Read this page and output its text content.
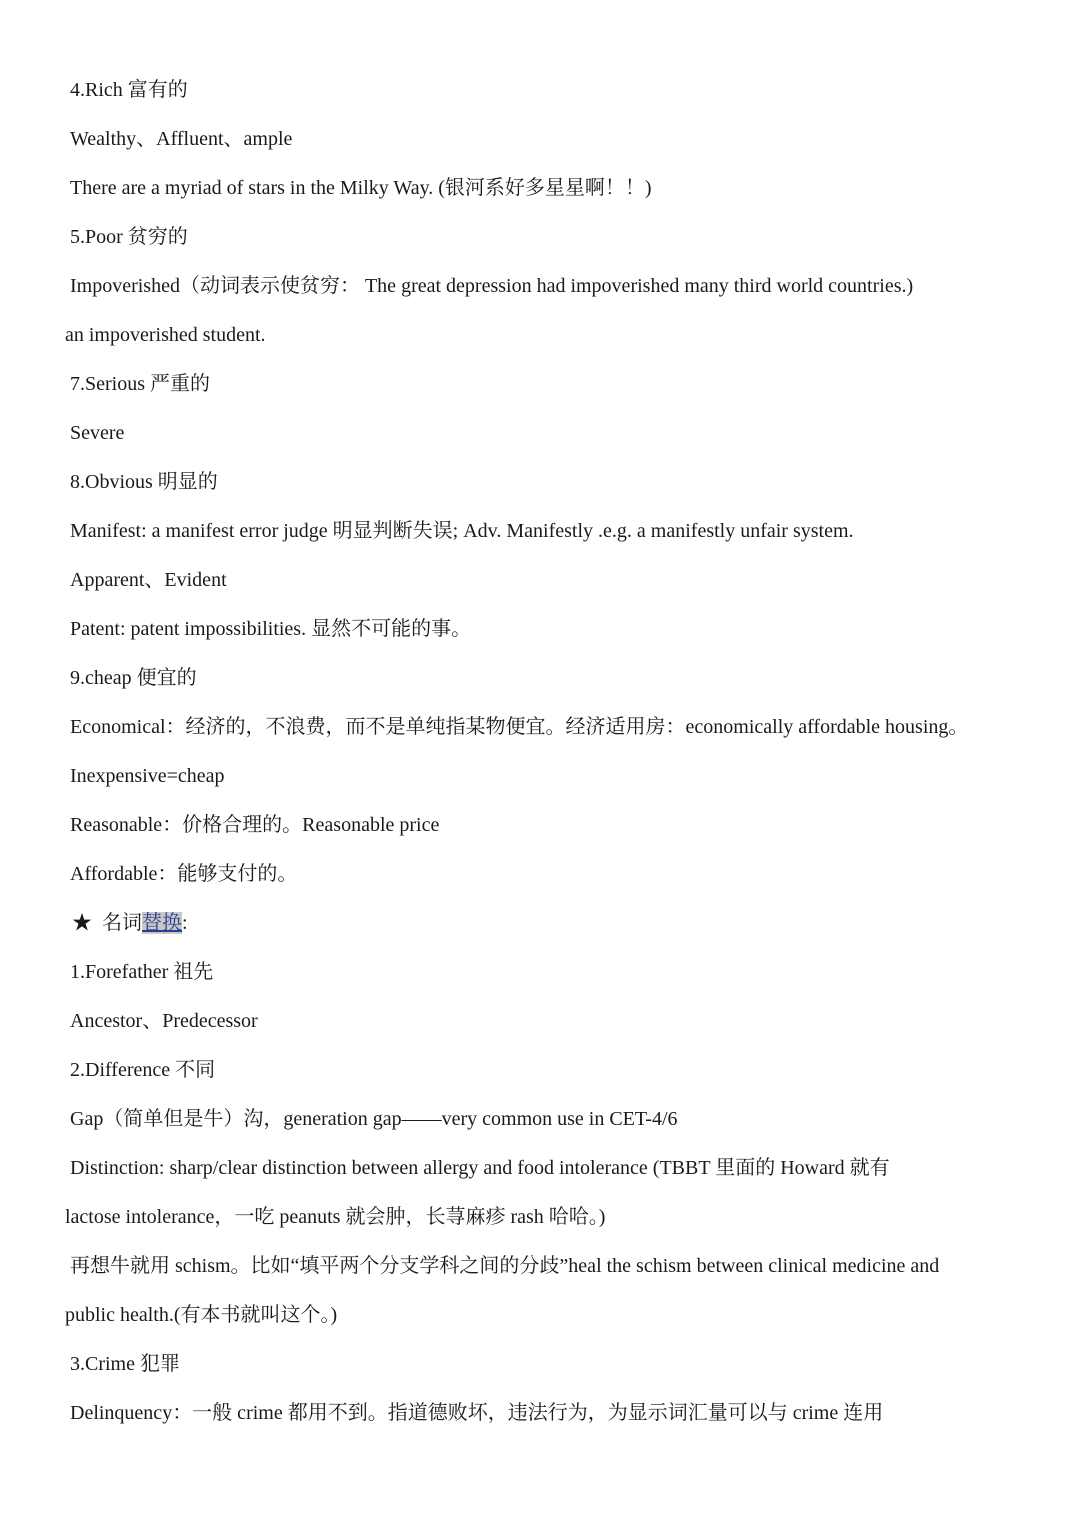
4.Rich 富有的
Wealthy、Affluent、ample
There are a myriad of stars in the Milky Way. (银河系好多星星啊！！)
5.Poor 贫穷的
Impoverished（动词表示使贫穷： The great depression had impoverished many third world countries.)
an impoverished student.
7.Serious 严重的
Severe
8.Obvious 明显的
Manifest: a manifest error judge 明显判断失误; Adv. Manifestly .e.g. a manifestly unfair system.
Apparent、Evident
Patent: patent impossibilities. 显然不可能的事。
9.cheap 便宜的
Economical：经济的，不浪费，而不是单纯指某物便宜。经济适用房：economically affordable housing。
Inexpensive=cheap
Reasonable：价格合理的。Reasonable price
Affordable：能够支付的。
★ 名词替换:
1.Forefather 祖先
Ancestor、Predecessor
2.Difference 不同
Gap（简单但是牛）沟，generation gap——very common use in CET-4/6
Distinction: sharp/clear distinction between allergy and food intolerance (TBBT 里面的 Howard 就有
lactose intolerance，一吃 peanuts 就会肿，长荨麻疹 rash 哈哈。)
再想牛就用 schism。比如“填平两个分支学科之间的分歧”heal the schism between clinical medicine and
public health.(有本书就叫这个。)
3.Crime 犯罪
Delinquency：一般 crime 都用不到。指道德败坏，违法行为，为显示词汇量可以与 crime 连用
